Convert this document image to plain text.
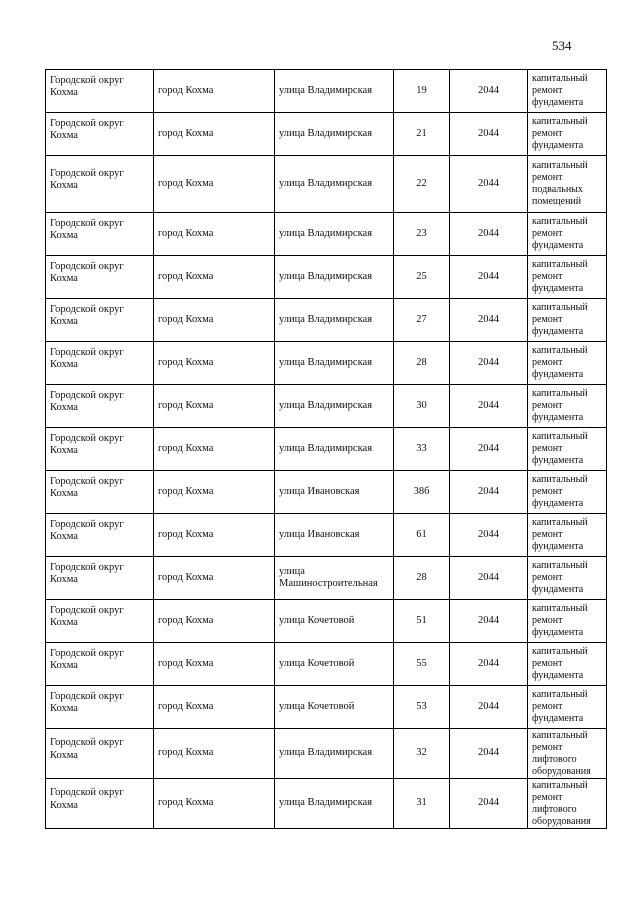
534
Городской округ Кохма	город Кохма	улица Владимирская	19	2044	капитальный ремонт фундамента

Городской округ Кохма	город Кохма	улица Владимирская	21	2044	капитальный ремонт фундамента

Городской округ Кохма	город Кохма	улица Владимирская	22	2044	капитальный ремонт подвальных помещений

Городской округ Кохма	город Кохма	улица Владимирская	23	2044	капитальный ремонт фундамента

Городской округ Кохма	город Кохма	улица Владимирская	25	2044	капитальный ремонт фундамента

Городской округ Кохма	город Кохма	улица Владимирская	27	2044	капитальный ремонт фундамента

Городской округ Кохма	город Кохма	улица Владимирская	28	2044	капитальный ремонт фундамента

Городской округ Кохма	город Кохма	улица Владимирская	30	2044	капитальный ремонт фундамента

Городской округ Кохма	город Кохма	улица Владимирская	33	2044	капитальный ремонт фундамента

Городской округ Кохма	город Кохма	улица Ивановская	38б	2044	капитальный ремонт фундамента

Городской округ Кохма	город Кохма	улица Ивановская	61	2044	капитальный ремонт фундамента

Городской округ Кохма	город Кохма	улица Машиностроительная	28	2044	капитальный ремонт фундамента

Городской округ Кохма	город Кохма	улица Кочетовой	51	2044	капитальный ремонт фундамента

Городской округ Кохма	город Кохма	улица Кочетовой	55	2044	капитальный ремонт фундамента

Городской округ Кохма	город Кохма	улица Кочетовой	53	2044	капитальный ремонт фундамента

Городской округ Кохма	город Кохма	улица Владимирская	32	2044	капитальный ремонт лифтового оборудования

Городской округ Кохма	город Кохма	улица Владимирская	31	2044	капитальный ремонт лифтового оборудования
